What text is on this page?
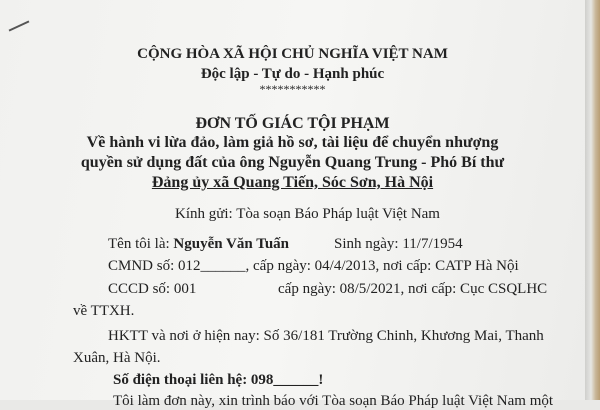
CỘNG HÒA XÃ HỘI CHỦ NGHĨA VIỆT NAM
Độc lập - Tự do - Hạnh phúc
***********
ĐƠN TỐ GIÁC TỘI PHẠM
Về hành vi lừa đảo, làm giả hồ sơ, tài liệu để chuyển nhượng
quyền sử dụng đất của ông Nguyễn Quang Trung - Phó Bí thư
Đảng ủy xã Quang Tiến, Sóc Sơn, Hà Nội
Kính gửi: Tòa soạn Báo Pháp luật Việt Nam
Tên tôi là: Nguyễn Văn Tuấn	Sinh ngày: 11/7/1954
CMND số: 012______, cấp ngày: 04/4/2013, nơi cấp: CATP Hà Nội
CCCD số: 001	cấp ngày: 08/5/2021, nơi cấp: Cục CSQLHC
về TTXH.
HKTT và nơi ở hiện nay: Số 36/181 Trường Chinh, Khương Mai, Thanh
Xuân, Hà Nội.
Số điện thoại liên hệ: 098______!
Tôi làm đơn này, xin trình báo với Tòa soạn Báo Pháp luật Việt Nam một
